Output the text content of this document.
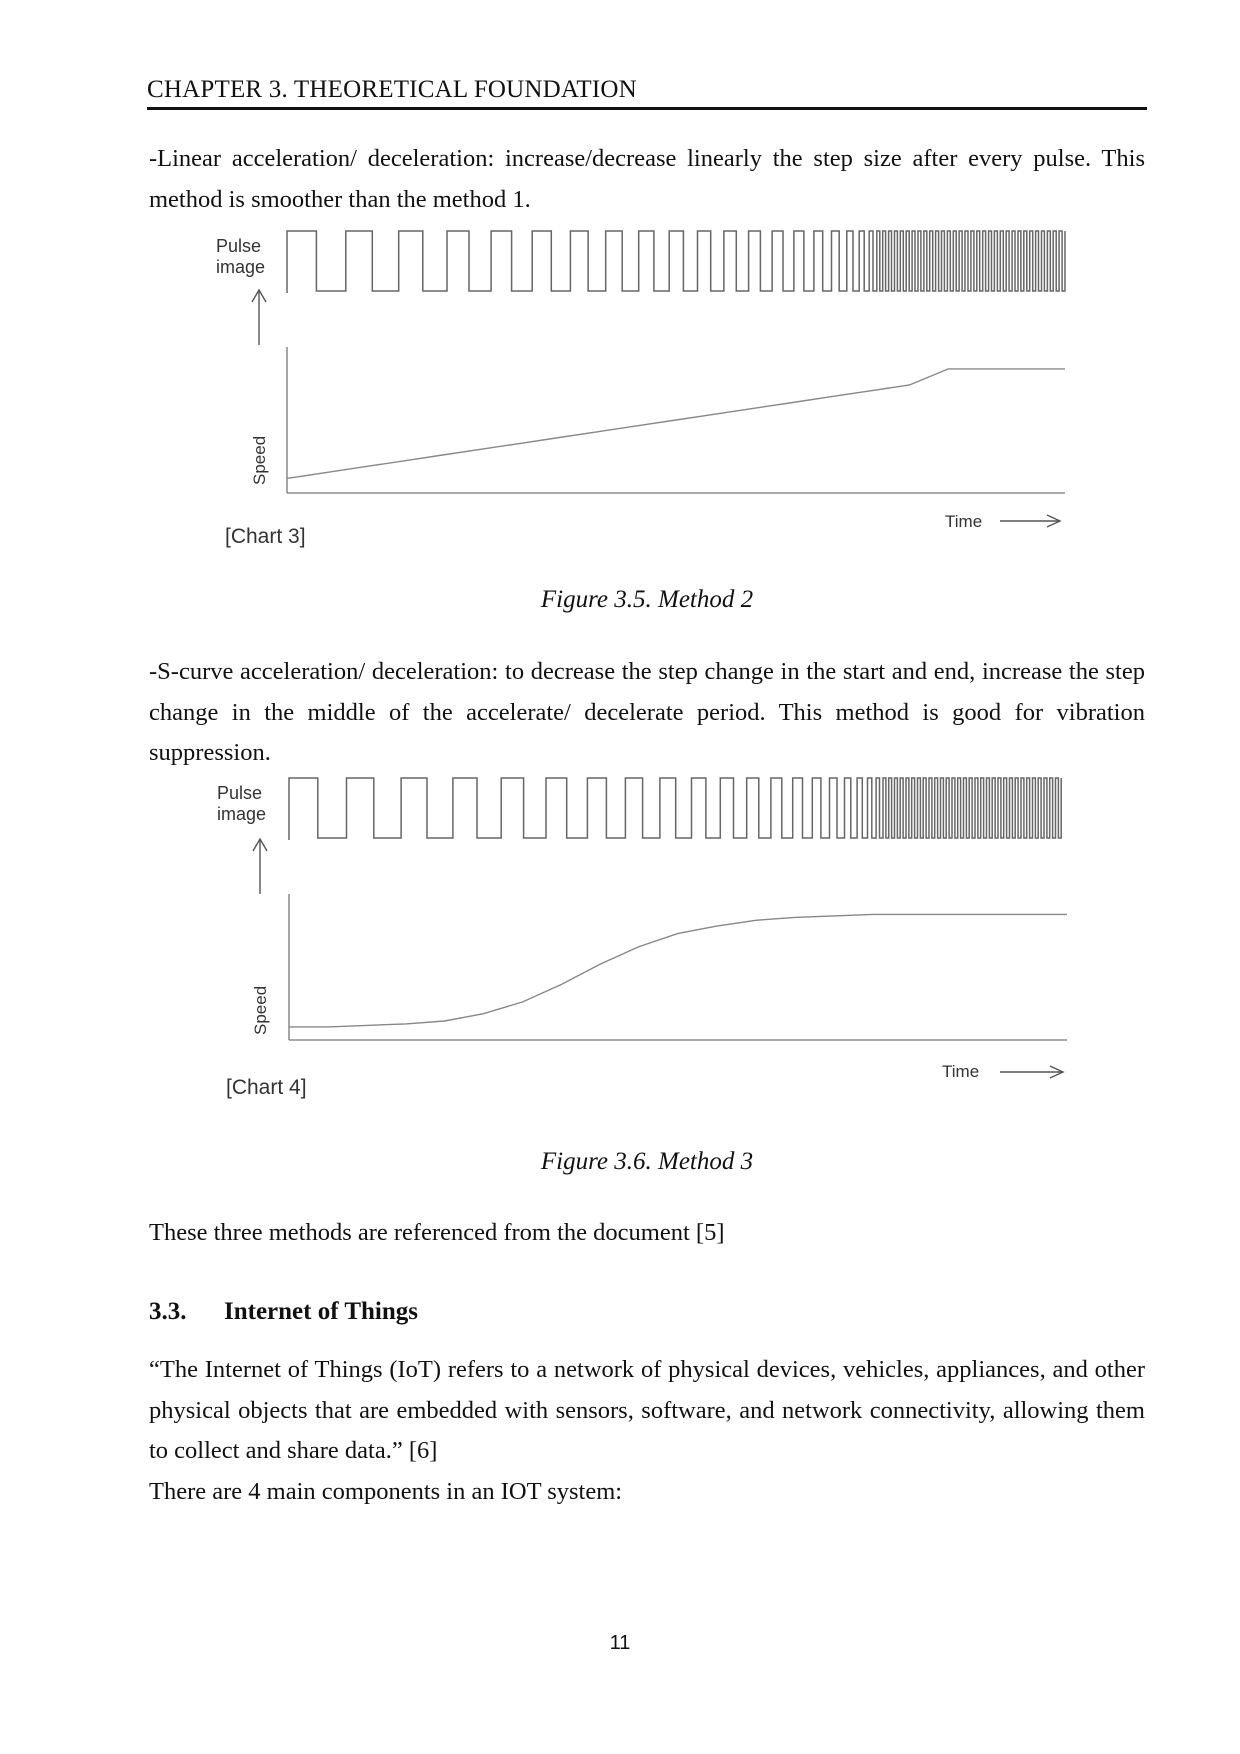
CHAPTER 3. THEORETICAL FOUNDATION

-Linear acceleration/ deceleration: increase/decrease linearly the step size after every pulse. This method is smoother than the method 1.

Pulse
image
Speed
Time
[Chart 3]
Figure 3.5. Method 2

-S-curve acceleration/ deceleration: to decrease the step change in the start and end, increase the step change in the middle of the accelerate/ decelerate period. This method is good for vibration suppression.

Pulse
image
Speed
Time
[Chart 4]
Figure 3.6. Method 3

These three methods are referenced from the document [5]

3.3. Internet of Things

“The Internet of Things (IoT) refers to a network of physical devices, vehicles, appliances, and other physical objects that are embedded with sensors, software, and network connectivity, allowing them to collect and share data.” [6]

There are 4 main components in an IOT system:

11
